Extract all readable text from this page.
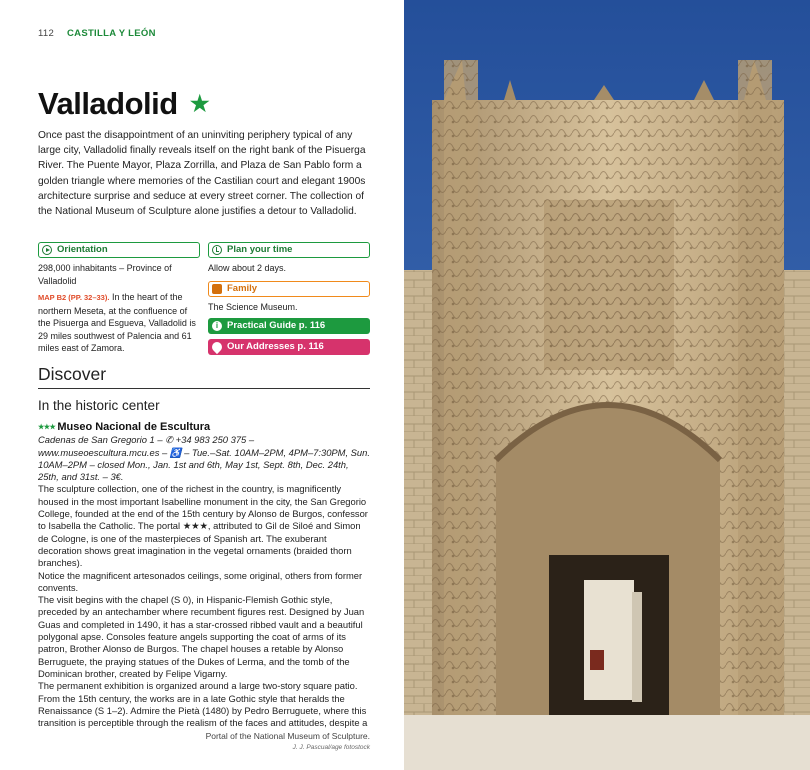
112 CASTILLA Y LEÓN
Valladolid ★
Once past the disappointment of an uninviting periphery typical of any large city, Valladolid finally reveals itself on the right bank of the Pisuerga River. The Puente Mayor, Plaza Zorrilla, and Plaza de San Pablo form a golden triangle where memories of the Castilian court and elegant 1900s architecture surprise and seduce at every street corner. The collection of the National Museum of Sculpture alone justifies a detour to Valladolid.
Orientation
298,000 inhabitants – Province of Valladolid
MAP B2 (PP. 32–33). In the heart of the northern Meseta, at the confluence of the Pisuerga and Esgueva, Valladolid is 29 miles southwest of Palencia and 61 miles east of Zamora.
Plan your time
Allow about 2 days.
Family
The Science Museum.
i Practical Guide p. 116
Our Addresses p. 116
Discover
In the historic center
★★★ Museo Nacional de Escultura

Cadenas de San Gregorio 1 – ✆ +34 983 250 375 – www.museoescultura.mcu.es – ♿ – Tue.–Sat. 10AM–2PM, 4PM–7:30PM, Sun. 10AM–2PM – closed Mon., Jan. 1st and 6th, May 1st, Sept. 8th, Dec. 24th, 25th, and 31st. – 3€.

The sculpture collection, one of the richest in the country, is magnificently housed in the most important Isabelline monument in the city, the San Gregorio College, founded at the end of the 15th century by Alonso de Burgos, confessor to Isabella the Catholic. The portal ★★★, attributed to Gil de Siloé and Simon de Cologne, is one of the masterpieces of Spanish art. The exuberant decoration shows great imagination in the vegetal ornaments (braided thorn branches).

Notice the magnificent artesonados ceilings, some original, others from former convents.

The visit begins with the chapel (S 0), in Hispanic-Flemish Gothic style, preceded by an antechamber where recumbent figures rest. Designed by Juan Guas and completed in 1490, it has a star-crossed ribbed vault and a beautiful polygonal apse. Consoles feature angels supporting the coat of arms of its patron, Brother Alonso de Burgos. The chapel houses a retable by Alonso Berruguete, the praying statues of the Dukes of Lerma, and the tomb of the Dominican brother, created by Felipe Vigarny.

The permanent exhibition is organized around a large two-story square patio. From the 15th century, the works are in a late Gothic style that heralds the Renaissance (S 1–2). Admire the Pietà (1480) by Pedro Berruguete, where this transition is perceptible through the realism of the faces and attitudes, despite a

Portal of the National Museum of Sculpture.
J. J. Pascual/age fotostock
